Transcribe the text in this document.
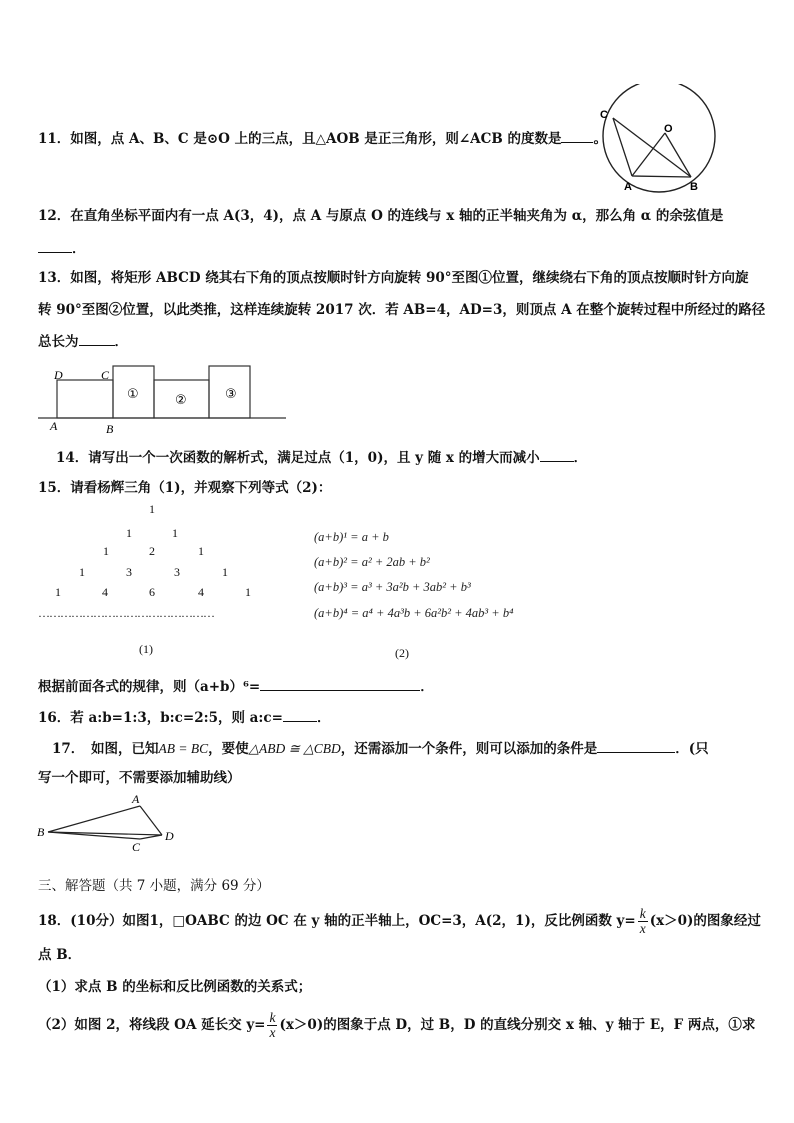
11．如图，点 A、B、C 是⊙O 上的三点，且△AOB 是正三角形，则∠ACB 的度数是 。
C
O
A	B
12．在直角坐标平面内有一点 A(3，4)，点 A 与原点 O 的连线与 x 轴的正半轴夹角为 α，那么角 α 的余弦值是
．
13．如图，将矩形 ABCD 绕其右下角的顶点按顺时针方向旋转 90°至图①位置，继续绕右下角的顶点按顺时针方向旋
转 90°至图②位置，以此类推，这样连续旋转 2017 次．若 AB=4，AD=3，则顶点 A 在整个旋转过程中所经过的路径
总长为	．
D	C
A	B
①	②	③
14．请写出一个一次函数的解析式，满足过点（1，0)，且 y 随 x 的增大而减小	．
15．请看杨辉三角（1)，并观察下列等式（2)：
1
1	1
1	2	1
1	3	3	1
1	4	6	4	1
…………………………………………
(1)
(a+b)¹ = a + b
(a+b)² = a² + 2ab + b²
(a+b)³ = a³ + 3a²b + 3ab² + b³
(a+b)⁴ = a⁴ + 4a³b + 6a²b² + 4ab³ + b⁴
(2)
根据前面各式的规律，则（a+b）⁶=	．
16．若 a:b=1:3，b:c=2:5，则 a:c=	．
17．　如图，已知AB = BC，要使△ABD ≅ △CBD，还需添加一个条件，则可以添加的条件是	．(只
写一个即可，不需要添加辅助线）
A
B
C
D
三、解答题（共 7 小题，满分 69 分）
18．(10分）如图1，□OABC 的边 OC 在 y 轴的正半轴上，OC=3，A(2，1)，反比例函数 $y= \frac{k}{x} (x>0)$的图象经过
点 B．
（1）求点 B 的坐标和反比例函数的关系式；
（2）如图 2，将线段 OA 延长交 $y= \frac{k}{x} (x>0)$的图象于点 D，过 B，D 的直线分别交 x 轴、y 轴于 E，F 两点，①求
